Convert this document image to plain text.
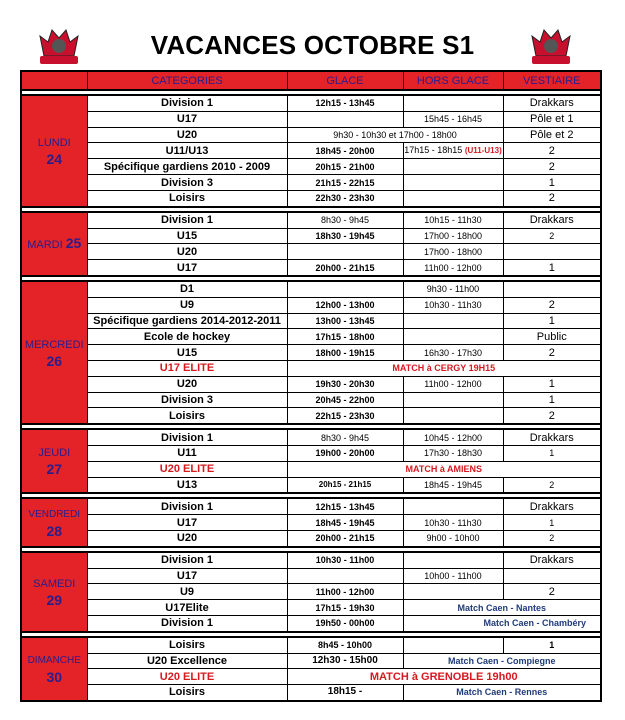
VACANCES OCTOBRE S1
	CATEGORIES	GLACE	HORS GLACE	VESTIAIRE

LUNDI
24	Division 1	12h15 - 13h45		Drakkars
	U17		15h45 - 16h45	Pôle et 1
	U20	9h30 - 10h30 et 17h00 - 18h00		Pôle et 2
	U11/U13	18h45 - 20h00	17h15 - 18h15 (U11-U13)	2
	Spécifique gardiens 2010 - 2009	20h15 - 21h00		2
	Division 3	21h15 - 22h15		1
	Loisirs	22h30 - 23h30		2

MARDI 25	Division 1	8h30 - 9h45	10h15 - 11h30	Drakkars
	U15	18h30 - 19h45	17h00 - 18h00	2
	U20		17h00 - 18h00	
	U17	20h00 - 21h15	11h00 - 12h00	1

MERCREDI
26	D1		9h30 - 11h00	
	U9	12h00 - 13h00	10h30 - 11h30	2
	Spécifique gardiens 2014-2012-2011	13h00 - 13h45		1
	Ecole de hockey	17h15 - 18h00		Public
	U15	18h00 - 19h15	16h30 - 17h30	2
	U17 ELITE	MATCH à CERGY 19H15		
	U20	19h30 - 20h30	11h00 - 12h00	1
	Division 3	20h45 - 22h00		1
	Loisirs	22h15 - 23h30		2

JEUDI
27	Division 1	8h30 - 9h45	10h45 - 12h00	Drakkars
	U11	19h00 - 20h00	17h30 - 18h30	1
	U20 ELITE	MATCH à AMIENS		
	U13	20h15 - 21h15	18h45 - 19h45	2

VENDREDI
28	Division 1	12h15 - 13h45		Drakkars
	U17	18h45 - 19h45	10h30 - 11h30	1
	U20	20h00 - 21h15	9h00 - 10h00	2

SAMEDI
29	Division 1	10h30 - 11h00		Drakkars
	U17		10h00 - 11h00	
	U9	11h00 - 12h00		2
	U17Elite	17h15 - 19h30	Match Caen - Nantes	
	Division 1	19h50 - 00h00	Match Caen - Chambéry	

DIMANCHE
30	Loisirs	8h45 - 10h00		1
	U20 Excellence	12h30 - 15h00	Match Caen - Compiegne	
	U20 ELITE	MATCH à GRENOBLE 19h00		
	Loisirs	18h15 -	Match Caen - Rennes	
